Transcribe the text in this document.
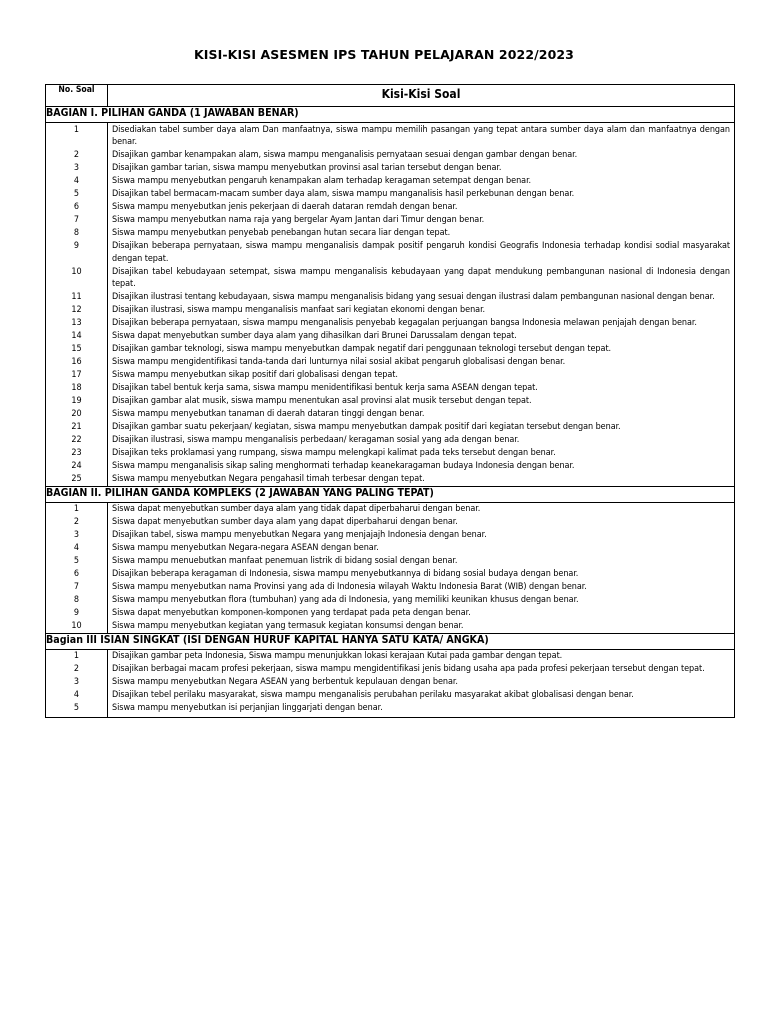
KISI-KISI ASESMEN IPS TAHUN PELAJARAN 2022/2023
No. Soal	Kisi-Kisi Soal
BAGIAN I. PILIHAN GANDA (1 JAWABAN BENAR)	
1	Disediakan tabel sumber daya alam Dan manfaatnya, siswa mampu memilih pasangan yang tepat antara sumber daya alam dan manfaatnya dengan benar.
2	Disajikan gambar kenampakan alam, siswa mampu menganalisis pernyataan sesuai dengan gambar dengan benar.
3	Disajikan gambar tarian, siswa mampu menyebutkan provinsi asal tarian tersebut dengan benar.
4	Siswa mampu menyebutkan pengaruh kenampakan alam terhadap keragaman setempat dengan benar.
5	Disajikan tabel bermacam-macam sumber daya alam, siswa mampu manganalisis hasil perkebunan dengan benar.
6	Siswa mampu menyebutkan jenis pekerjaan di daerah dataran remdah dengan benar.
7	Siswa mampu menyebutkan nama raja yang bergelar Ayam Jantan dari Timur dengan benar.
8	Siswa mampu menyebutkan penyebab penebangan hutan secara liar dengan tepat.
9	Disajikan beberapa pernyataan, siswa mampu menganalisis dampak positif pengaruh kondisi Geografis Indonesia terhadap kondisi sodial masyarakat dengan tepat.
10	Disajikan tabel kebudayaan setempat, siswa mampu menganalisis kebudayaan yang dapat mendukung pembangunan nasional di Indonesia dengan tepat.
11	Disajikan ilustrasi tentang kebudayaan, siswa mampu menganalisis bidang yang sesuai dengan ilustrasi dalam pembangunan nasional dengan benar.
12	Disajikan ilustrasi, siswa mampu menganalisis manfaat sari kegiatan ekonomi dengan benar.
13	Disajikan beberapa pernyataan, siswa mampu menganalisis penyebab kegagalan perjuangan bangsa Indonesia melawan penjajah dengan benar.
14	Siswa dapat menyebutkan sumber daya alam yang dihasilkan dari Brunei Darussalam dengan tepat.
15	Disajikan gambar teknologi, siswa mampu menyebutkan dampak negatif dari penggunaan teknologi tersebut dengan tepat.
16	Siswa mampu mengidentifikasi tanda-tanda dari lunturnya nilai sosial akibat pengaruh globalisasi dengan benar.
17	Siswa mampu menyebutkan sikap positif dari globalisasi dengan tepat.
18	Disajikan tabel bentuk kerja sama, siswa mampu menidentifikasi bentuk kerja sama ASEAN dengan tepat.
19	Disajikan gambar alat musik, siswa mampu menentukan asal provinsi alat musik tersebut dengan tepat.
20	Siswa mampu menyebutkan tanaman di daerah dataran tinggi dengan benar.
21	Disajikan gambar suatu pekerjaan/ kegiatan, siswa mampu menyebutkan dampak positif dari kegiatan tersebut dengan benar.
22	Disajikan ilustrasi, siswa mampu menganalisis perbedaan/ keragaman sosial yang ada dengan benar.
23	Disajikan teks proklamasi yang rumpang, siswa mampu melengkapi kalimat pada teks tersebut dengan benar.
24	Siswa mampu menganalisis sikap saling menghormati terhadap keanekaragaman budaya Indonesia dengan benar.
25	Siswa mampu menyebutkan Negara pengahasil timah terbesar dengan tepat.
BAGIAN II. PILIHAN GANDA KOMPLEKS (2 JAWABAN YANG PALING TEPAT)	
1	Siswa dapat menyebutkan sumber daya alam yang tidak dapat diperbaharui dengan benar.
2	Siswa dapat menyebutkan sumber daya alam yang dapat diperbaharui dengan benar.
3	Disajikan tabel, siswa mampu menyebutkan Negara yang menjajajh Indonesia dengan benar.
4	Siswa mampu menyebutkan Negara-negara ASEAN dengan benar.
5	Siswa mampu menuebutkan manfaat penemuan listrik di bidang sosial dengan benar.
6	Disajikan beberapa keragaman di Indonesia, siswa mampu menyebutkannya di bidang sosial budaya dengan benar.
7	Siswa mampu menyebutkan nama Provinsi yang ada di Indonesia wilayah Waktu Indonesia Barat (WIB) dengan benar.
8	Siswa mampu menyebutkan flora (tumbuhan) yang ada di Indonesia, yang memiliki keunikan khusus dengan benar.
9	Siswa dapat menyebutkan komponen-komponen yang terdapat pada peta dengan benar.
10	Siswa mampu menyebutkan kegiatan yang termasuk kegiatan konsumsi dengan benar.
Bagian III ISIAN SINGKAT (ISI DENGAN HURUF KAPITAL HANYA SATU KATA/ ANGKA)	
1	Disajikan gambar peta Indonesia, Siswa mampu menunjukkan lokasi kerajaan Kutai pada gambar dengan tepat.
2	Disajikan berbagai macam profesi pekerjaan, siswa mampu mengidentifikasi jenis bidang usaha apa pada profesi pekerjaan tersebut dengan tepat.
3	Siswa mampu menyebutkan Negara ASEAN yang berbentuk kepulauan dengan benar.
4	Disajikan tebel perilaku masyarakat, siswa mampu menganalisis perubahan perilaku masyarakat akibat globalisasi dengan benar.
5	Siswa mampu menyebutkan isi perjanjian linggarjati dengan benar.
